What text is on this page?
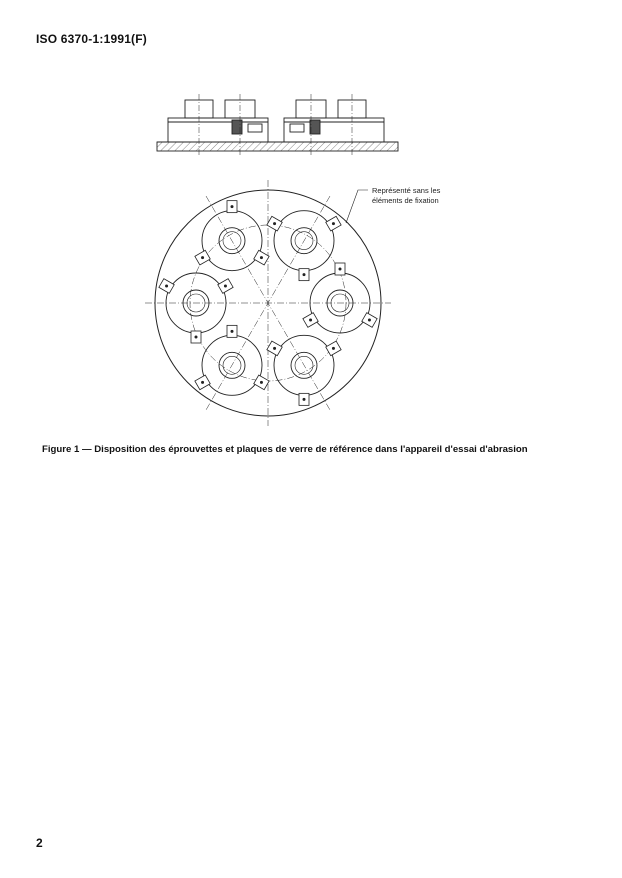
ISO 6370-1:1991(F)
Représenté sans les
éléments de fixation
Figure 1 — Disposition des éprouvettes et plaques de verre de référence dans l'appareil d'essai d'abrasion
2
